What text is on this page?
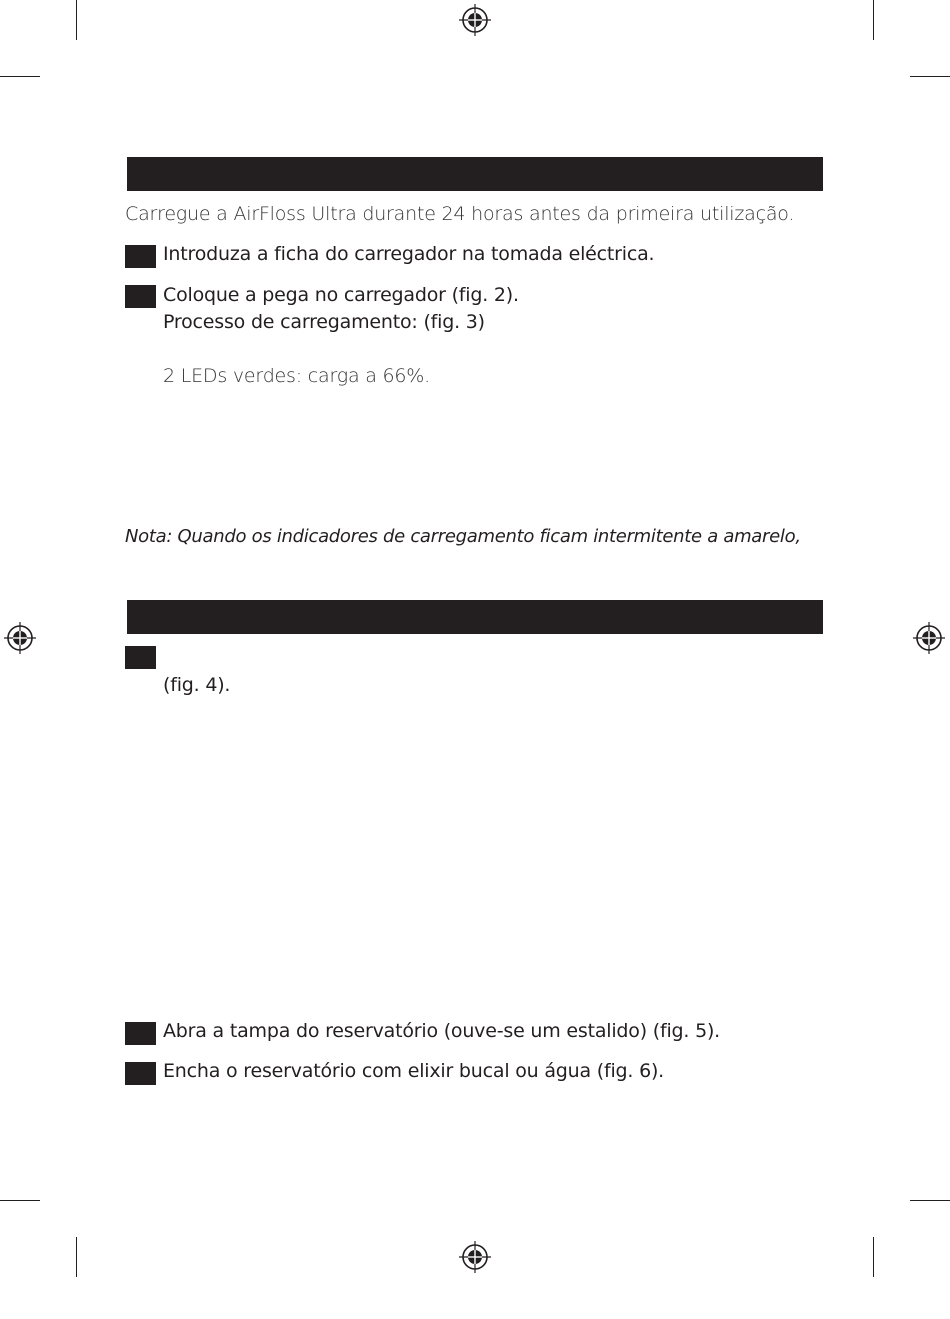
Carregue a AirFloss Ultra durante 24 horas antes da primeira utilização.
Introduza a ficha do carregador na tomada eléctrica.
Coloque a pega no carregador (fig. 2).
Processo de carregamento: (fig. 3)
2 LEDs verdes: carga a 66%.
Nota: Quando os indicadores de carregamento ficam intermitente a amarelo,
(fig. 4).
Abra a tampa do reservatório (ouve-se um estalido) (fig. 5).
Encha o reservatório com elixir bucal ou água (fig. 6).
